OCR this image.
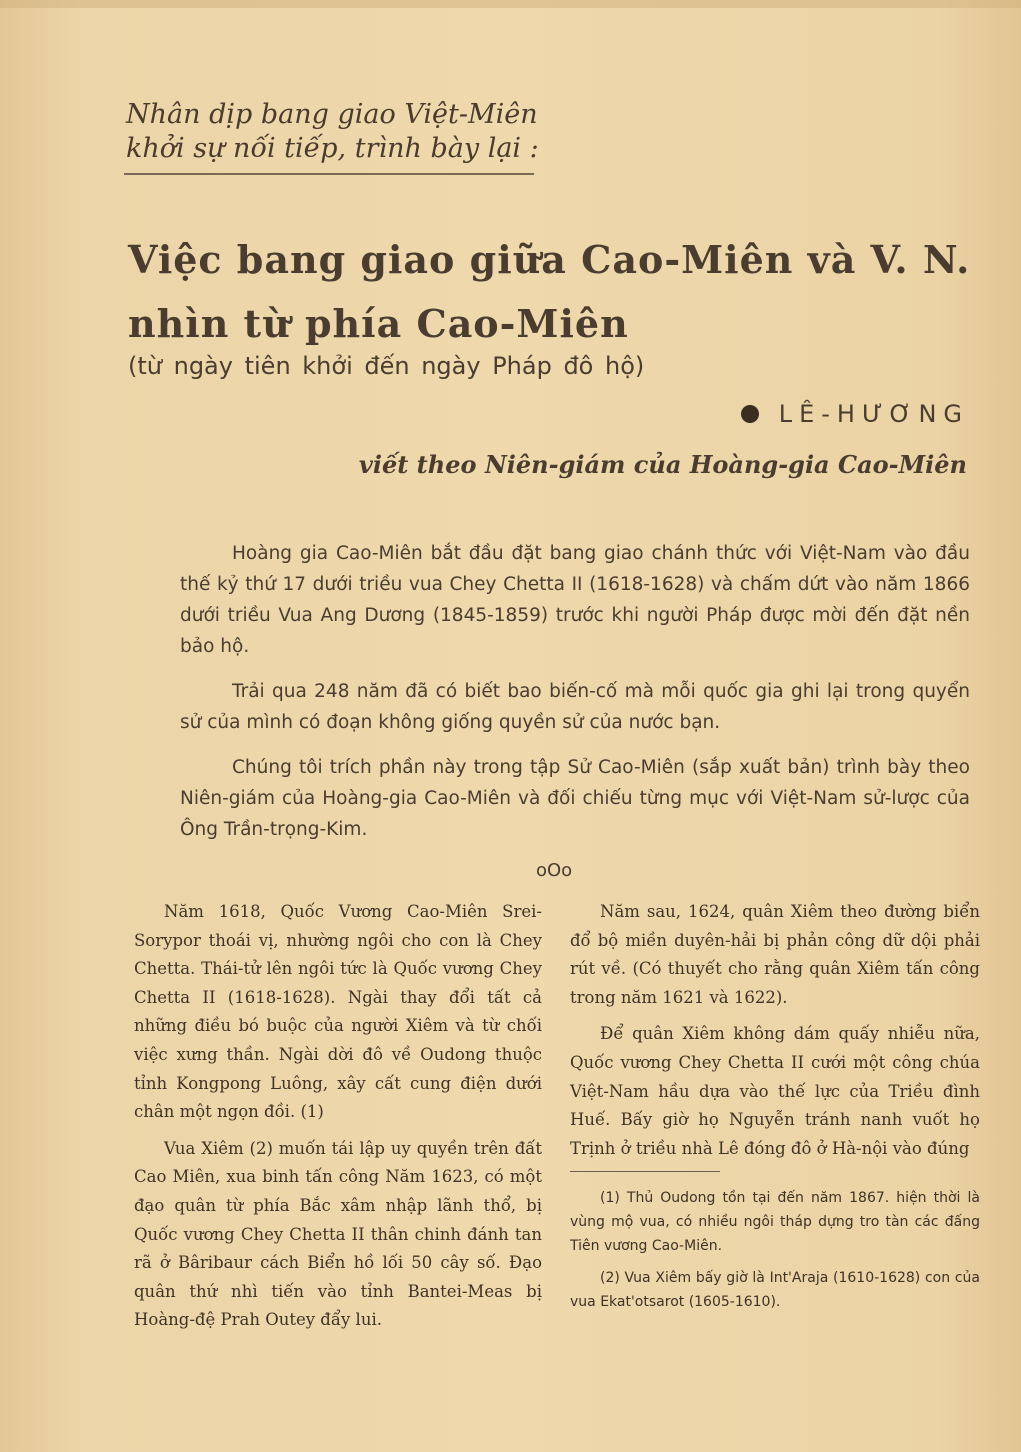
Nhân dịp bang giao Việt-Miên
khởi sự nối tiếp, trình bày lại :
Việc bang giao giữa Cao-Miên và V. N.
nhìn từ phía Cao-Miên
(từ ngày tiên khởi đến ngày Pháp đô hộ)
LÊ-HƯƠNG
viết theo Niên-giám của Hoàng-gia Cao-Miên

Hoàng gia Cao-Miên bắt đầu đặt bang giao chánh thức với Việt-Nam vào đầu thế kỷ thứ 17 dưới triều vua Chey Chetta II (1618-1628) và chấm dứt vào năm 1866 dưới triều Vua Ang Dương (1845-1859) trước khi người Pháp được mời đến đặt nền bảo hộ.

Trải qua 248 năm đã có biết bao biến-cố mà mỗi quốc gia ghi lại trong quyển sử của mình có đoạn không giống quyền sử của nước bạn.

Chúng tôi trích phần này trong tập Sử Cao-Miên (sắp xuất bản) trình bày theo Niên-giám của Hoàng-gia Cao-Miên và đối chiếu từng mục với Việt-Nam sử-lược của Ông Trần-trọng-Kim.

oOo

Năm 1618, Quốc Vương Cao-Miên Srei-Sorypor thoái vị, nhường ngôi cho con là Chey Chetta. Thái-tử lên ngôi tức là Quốc vương Chey Chetta II (1618-1628). Ngài thay đổi tất cả những điều bó buộc của người Xiêm và từ chối việc xưng thần. Ngài dời đô về Oudong thuộc tỉnh Kongpong Luông, xây cất cung điện dưới chân một ngọn đồi. (1)

Vua Xiêm (2) muốn tái lập uy quyền trên đất Cao Miên, xua binh tấn công Năm 1623, có một đạo quân từ phía Bắc xâm nhập lãnh thổ, bị Quốc vương Chey Chetta II thân chinh đánh tan rã ở Bâribaur cách Biển hồ lối 50 cây số. Đạo quân thứ nhì tiến vào tỉnh Bantei-Meas bị Hoàng-đệ Prah Outey đẩy lui.

Năm sau, 1624, quân Xiêm theo đường biển đổ bộ miền duyên-hải bị phản công dữ dội phải rút về. (Có thuyết cho rằng quân Xiêm tấn công trong năm 1621 và 1622).

Để quân Xiêm không dám quấy nhiễu nữa, Quốc vương Chey Chetta II cưới một công chúa Việt-Nam hầu dựa vào thế lực của Triều đình Huế. Bấy giờ họ Nguyễn tránh nanh vuốt họ Trịnh ở triều nhà Lê đóng đô ở Hà-nội vào đúng

(1) Thủ Oudong tồn tại đến năm 1867. hiện thời là vùng mộ vua, có nhiều ngôi tháp dựng tro tàn các đấng Tiên vương Cao-Miên.

(2) Vua Xiêm bấy giờ là Int'Araja (1610-1628) con của vua Ekat'otsarot (1605-1610).
